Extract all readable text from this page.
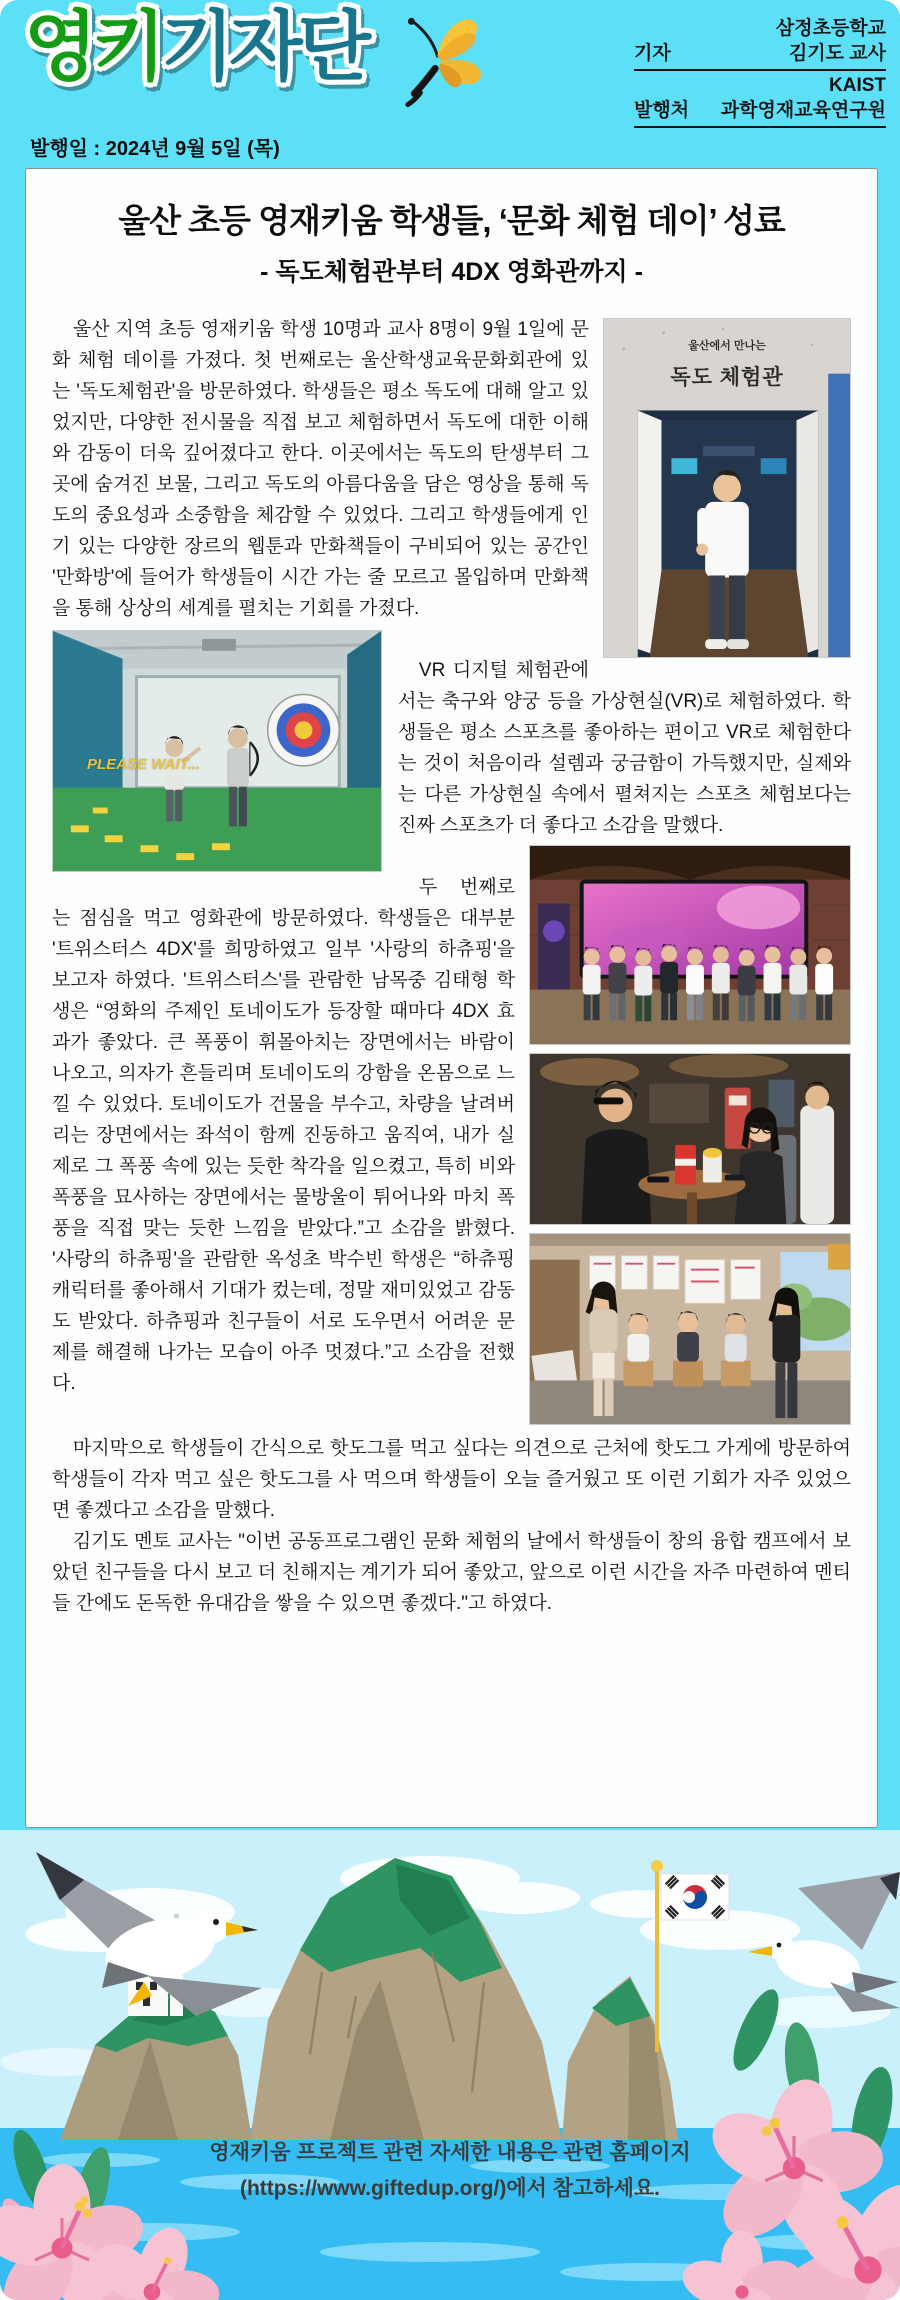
영키기자단	기자
삼정초등학교
김기도 교사
발행처
KAIST
과학영재교육연구원
발행일 : 2024년 9월 5일 (목)
울산 초등 영재키움 학생들, ‘문화 체험 데이’ 성료
- 독도체험관부터 4DX 영화관까지 -
울산에서 만나는
독도 체험관

울산 지역 초등 영재키움 학생 10명과 교사 8명이 9월 1일에 문화 체험 데이를 가졌다. 첫 번째로는 울산학생교육문화회관에 있는 '독도체험관'을 방문하였다. 학생들은 평소 독도에 대해 알고 있었지만, 다양한 전시물을 직접 보고 체험하면서 독도에 대한 이해와 감동이 더욱 깊어졌다고 한다. 이곳에서는 독도의 탄생부터 그곳에 숨겨진 보물, 그리고 독도의 아름다움을 담은 영상을 통해 독도의 중요성과 소중함을 체감할 수 있었다. 그리고 학생들에게 인기 있는 다양한 장르의 웹툰과 만화책들이 구비되어 있는 공간인 '만화방'에 들어가 학생들이 시간 가는 줄 모르고 몰입하며 만화책을 통해 상상의 세계를 펼치는 기회를 가졌다.

PLEASE WAIT...

VR 디지털 체험관에서는 축구와 양궁 등을 가상현실(VR)로 체험하였다. 학생들은 평소 스포츠를 좋아하는 편이고 VR로 체험한다는 것이 처음이라 설렘과 궁금함이 가득했지만, 실제와는 다른 가상현실 속에서 펼쳐지는 스포츠 체험보다는 진짜 스포츠가 더 좋다고 소감을 말했다.

두 번째로는 점심을 먹고 영화관에 방문하였다. 학생들은 대부분 '트위스터스 4DX'를 희망하였고 일부 '사랑의 하츄핑'을 보고자 하였다. '트위스터스'를 관람한 남목중 김태형 학생은 “영화의 주제인 토네이도가 등장할 때마다 4DX 효과가 좋았다. 큰 폭풍이 휘몰아치는 장면에서는 바람이 나오고, 의자가 흔들리며 토네이도의 강함을 온몸으로 느낄 수 있었다. 토네이도가 건물을 부수고, 차량을 날려버리는 장면에서는 좌석이 함께 진동하고 움직여, 내가 실제로 그 폭풍 속에 있는 듯한 착각을 일으켰고, 특히 비와 폭풍을 묘사하는 장면에서는 물방울이 튀어나와 마치 폭풍을 직접 맞는 듯한 느낌을 받았다.”고 소감을 밝혔다. '사랑의 하츄핑'을 관람한 옥성초 박수빈 학생은 “하츄핑 캐릭터를 좋아해서 기대가 컸는데, 정말 재미있었고 감동도 받았다. 하츄핑과 친구들이 서로 도우면서 어려운 문제를 해결해 나가는 모습이 아주 멋졌다.”고 소감을 전했다.

마지막으로 학생들이 간식으로 핫도그를 먹고 싶다는 의견으로 근처에 핫도그 가게에 방문하여 학생들이 각자 먹고 싶은 핫도그를 사 먹으며 학생들이 오늘 즐거웠고 또 이런 기회가 자주 있었으면 좋겠다고 소감을 말했다.

김기도 멘토 교사는 "이번 공동프로그램인 문화 체험의 날에서 학생들이 창의 융합 캠프에서 보았던 친구들을 다시 보고 더 친해지는 계기가 되어 좋았고, 앞으로 이런 시간을 자주 마련하여 멘티들 간에도 돈독한 유대감을 쌓을 수 있으면 좋겠다."고 하였다.

영재키움 프로젝트 관련 자세한 내용은 관련 홈페이지
(https://www.giftedup.org/)에서 참고하세요.
